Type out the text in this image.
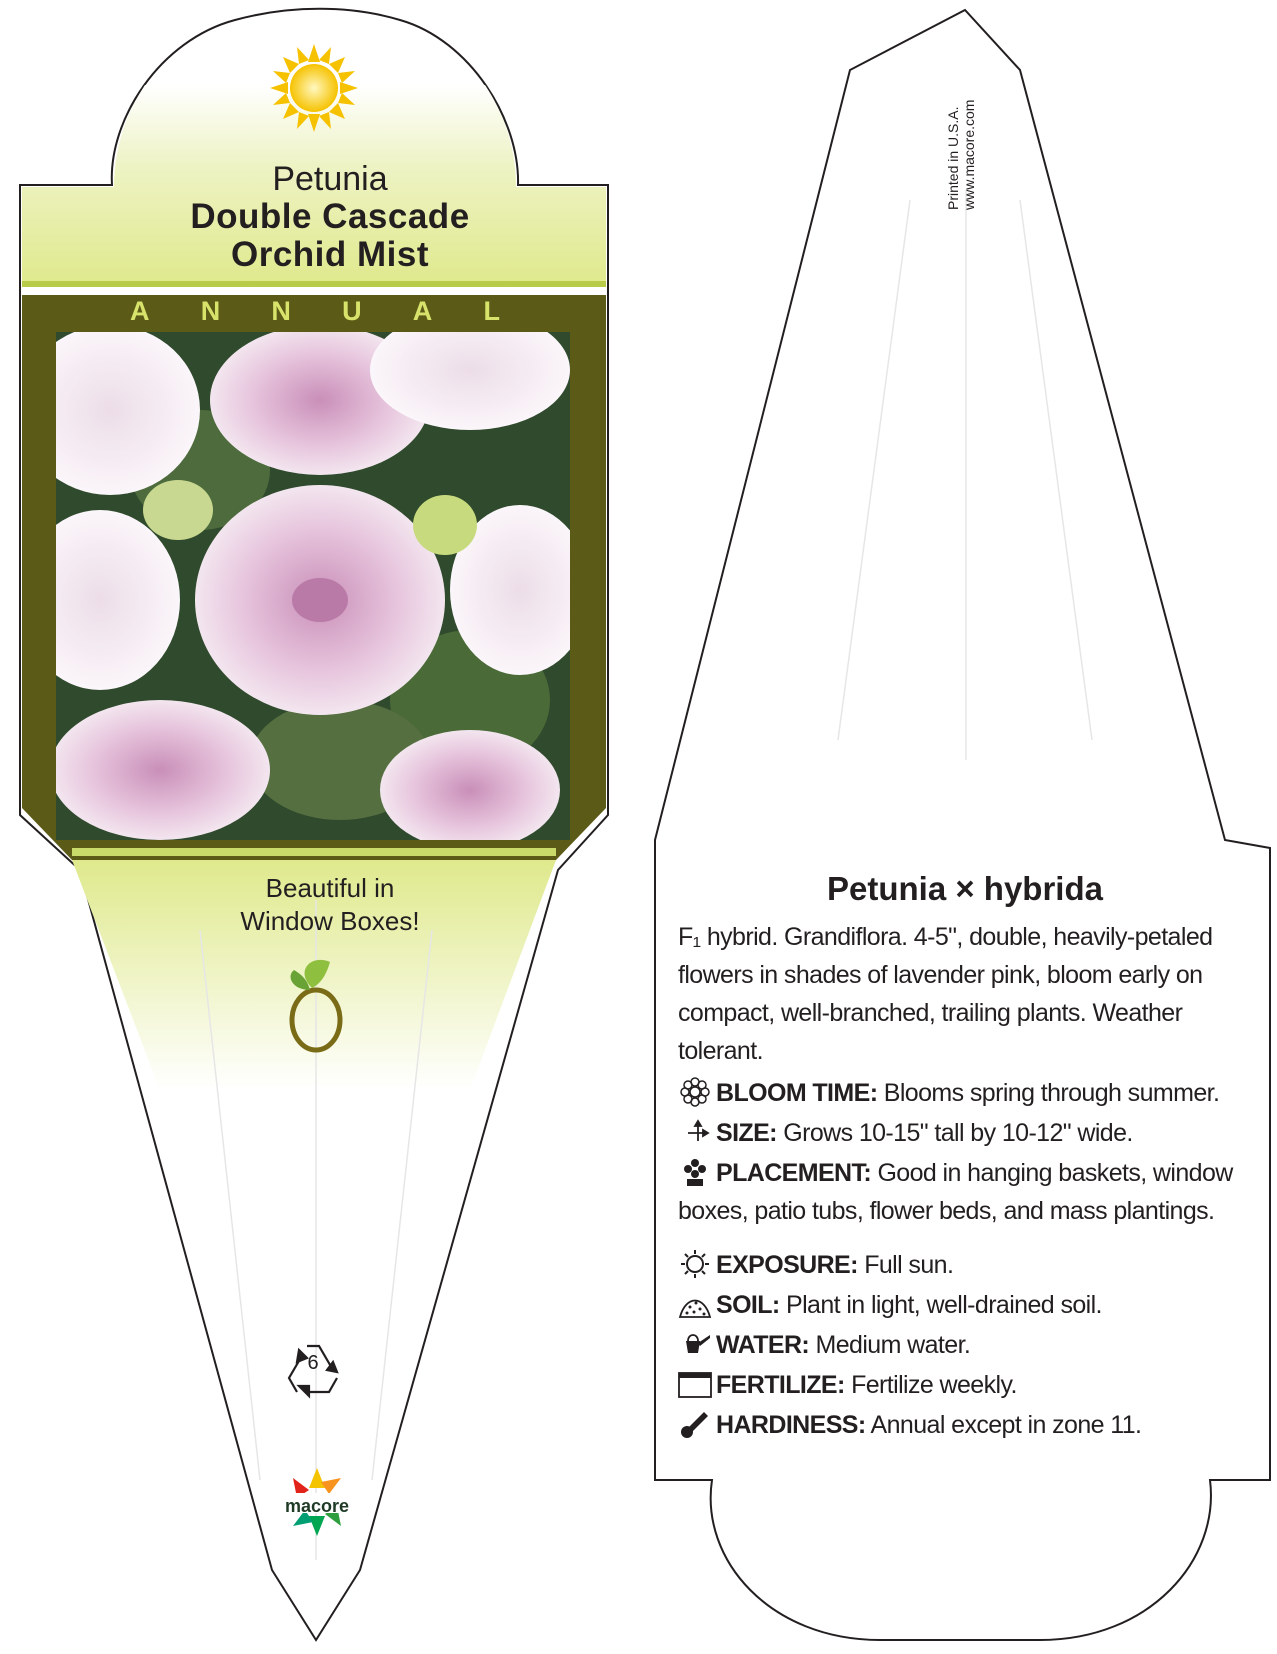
Petunia
Double Cascade
Orchid Mist
A N N U A L
Beautiful in
Window Boxes!
6
macore
Printed in U.S.A. www.macore.com
Petunia × hybrida
F₁ hybrid. Grandiflora. 4-5", double, heavily-petaled flowers in shades of lavender pink, bloom early on compact, well-branched, trailing plants. Weather tolerant.
BLOOM TIME: Blooms spring through summer.
SIZE: Grows 10-15" tall by 10-12" wide.
PLACEMENT: Good in hanging baskets, window boxes, patio tubs, flower beds, and mass plantings.
EXPOSURE: Full sun.
SOIL: Plant in light, well-drained soil.
WATER: Medium water.
FERTILIZE: Fertilize weekly.
HARDINESS: Annual except in zone 11.
